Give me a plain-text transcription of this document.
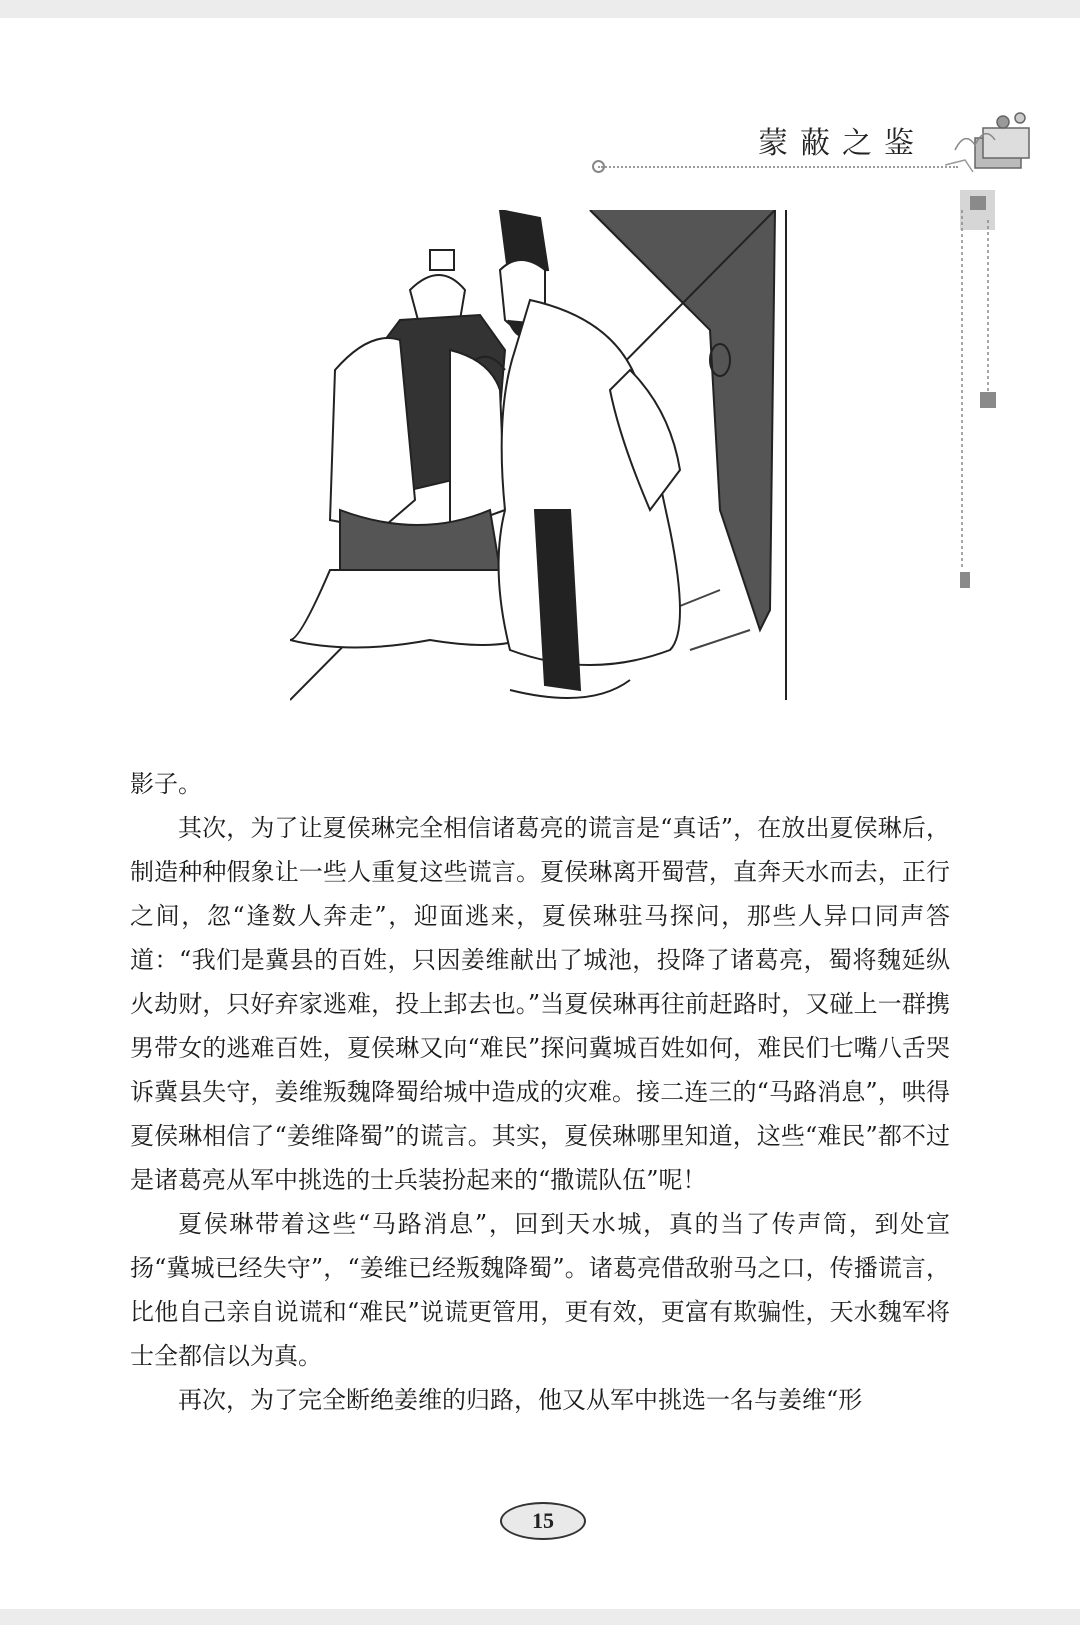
蒙蔽之鉴

影子。

其次，为了让夏侯琳完全相信诸葛亮的谎言是“真话”，在放出夏侯琳后，制造种种假象让一些人重复这些谎言。夏侯琳离开蜀营，直奔天水而去，正行之间，忽“逢数人奔走”，迎面逃来，夏侯琳驻马探问，那些人异口同声答道：“我们是冀县的百姓，只因姜维献出了城池，投降了诸葛亮，蜀将魏延纵火劫财，只好弃家逃难，投上邽去也。”当夏侯琳再往前赶路时，又碰上一群携男带女的逃难百姓，夏侯琳又向“难民”探问冀城百姓如何，难民们七嘴八舌哭诉冀县失守，姜维叛魏降蜀给城中造成的灾难。接二连三的“马路消息”，哄得夏侯琳相信了“姜维降蜀”的谎言。其实，夏侯琳哪里知道，这些“难民”都不过是诸葛亮从军中挑选的士兵装扮起来的“撒谎队伍”呢！

夏侯琳带着这些“马路消息”，回到天水城，真的当了传声筒，到处宣扬“冀城已经失守”，“姜维已经叛魏降蜀”。诸葛亮借敌驸马之口，传播谎言，比他自己亲自说谎和“难民”说谎更管用，更有效，更富有欺骗性，天水魏军将士全都信以为真。

再次，为了完全断绝姜维的归路，他又从军中挑选一名与姜维“形

15
